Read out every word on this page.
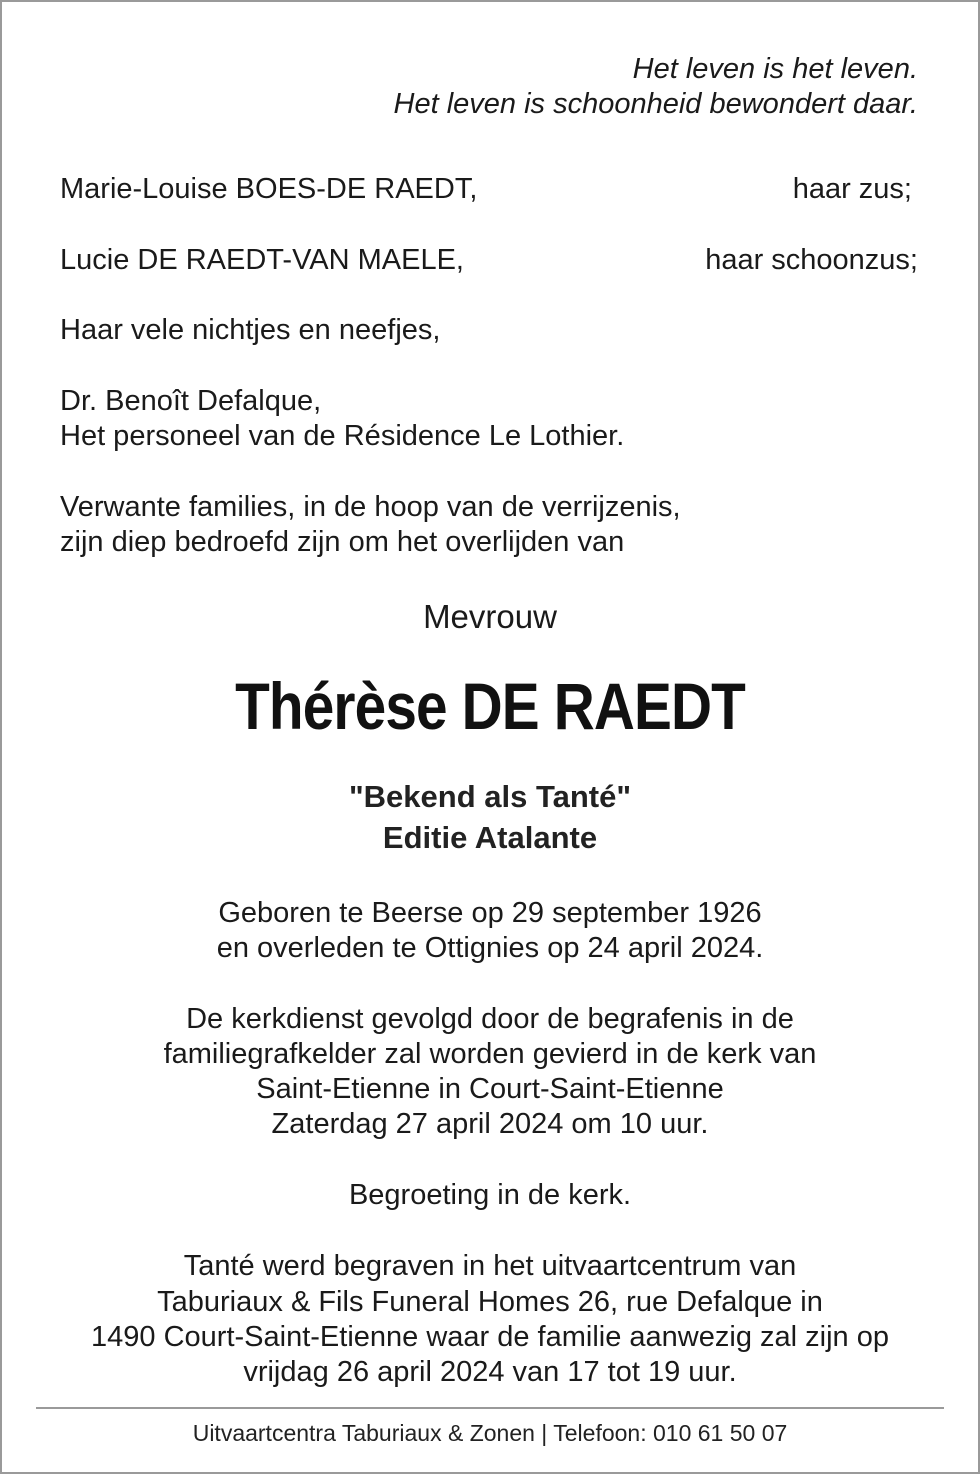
Het leven is het leven.
Het leven is schoonheid bewondert daar.
Marie-Louise BOES-DE RAEDT,	haar zus;
Lucie DE RAEDT-VAN MAELE,	haar schoonzus;
Haar vele nichtjes en neefjes,
Dr. Benoît Defalque,
Het personeel van de Résidence Le Lothier.
Verwante families, in de hoop van de verrijzenis,
zijn diep bedroefd zijn om het overlijden van
Mevrouw
Thérèse DE RAEDT
"Bekend als Tanté"
Editie Atalante
Geboren te Beerse op 29 september 1926
en overleden te Ottignies op 24 april 2024.
De kerkdienst gevolgd door de begrafenis in de
familiegrafkelder zal worden gevierd in de kerk van
Saint-Etienne in Court-Saint-Etienne
Zaterdag 27 april 2024 om 10 uur.
Begroeting in de kerk.
Tanté werd begraven in het uitvaartcentrum van
Taburiaux & Fils Funeral Homes 26, rue Defalque in
1490 Court-Saint-Etienne waar de familie aanwezig zal zijn op
vrijdag 26 april 2024 van 17 tot 19 uur.
Uitvaartcentra Taburiaux & Zonen | Telefoon: 010 61 50 07
